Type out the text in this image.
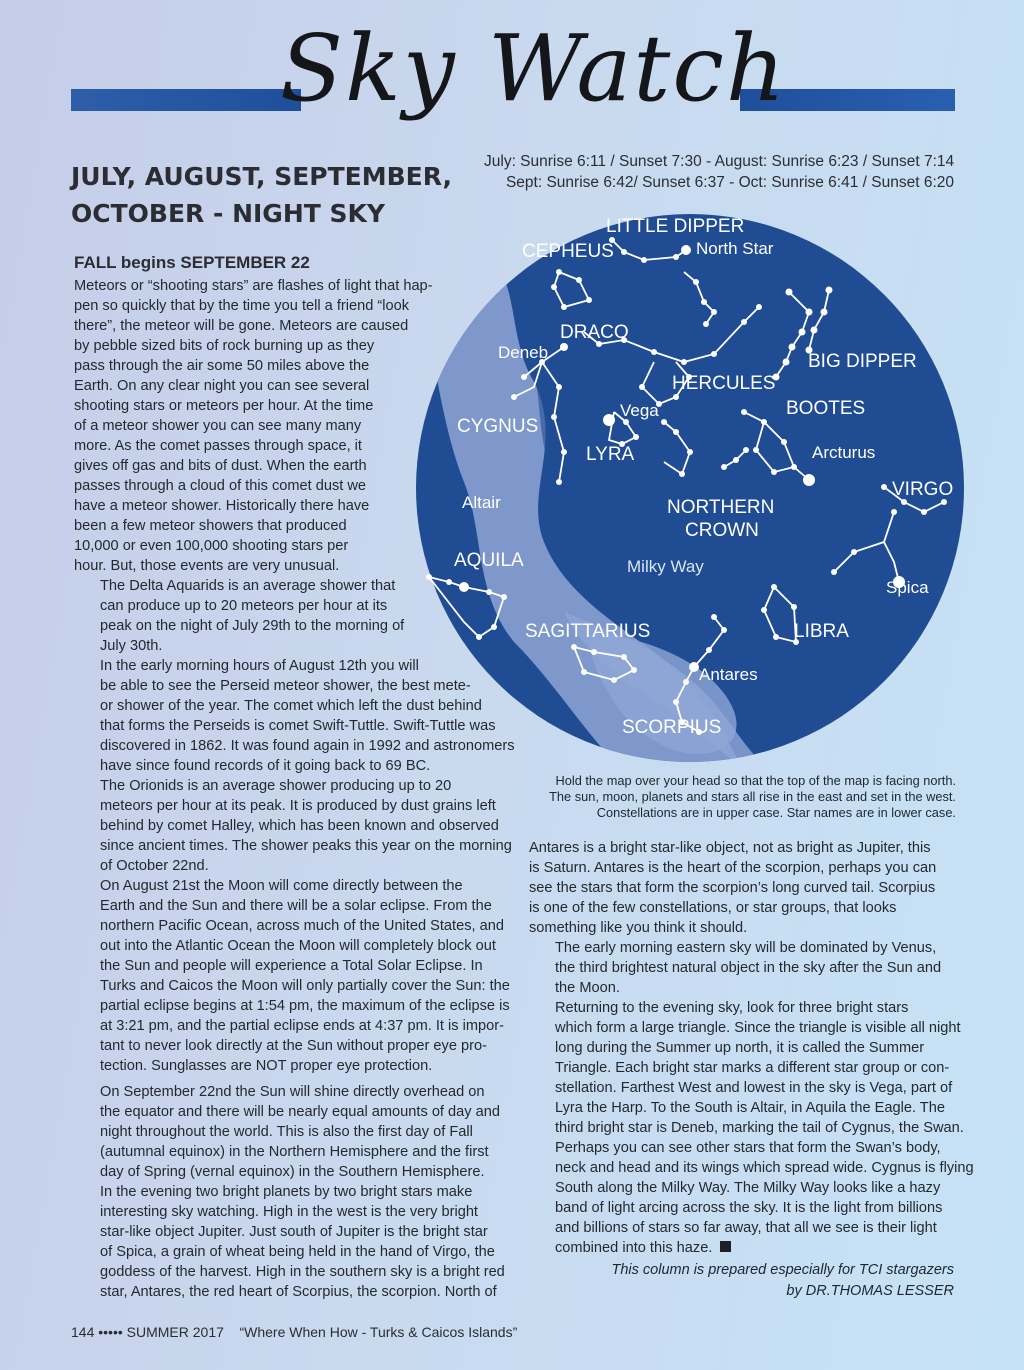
Sky Watch
JULY, AUGUST, SEPTEMBER,
OCTOBER - NIGHT SKY
July: Sunrise 6:11 / Sunset 7:30 - August: Sunrise 6:23 / Sunset 7:14
Sept: Sunrise 6:42/ Sunset 6:37 - Oct: Sunrise 6:41 / Sunset 6:20
FALL begins SEPTEMBER 22

Meteors or “shooting stars” are flashes of light that hap-
pen so quickly that by the time you tell a friend “look
there”, the meteor will be gone. Meteors are caused
by pebble sized bits of rock burning up as they
pass through the air some 50 miles above the
Earth. On any clear night you can see several
shooting stars or meteors per hour. At the time
of a meteor shower you can see many many
more. As the comet passes through space, it
gives off gas and bits of dust. When the earth
passes through a cloud of this comet dust we
have a meteor shower. Historically there have
been a few meteor showers that produced
10,000 or even 100,000 shooting stars per
hour. But, those events are very unusual.

The Delta Aquarids is an average shower that
can produce up to 20 meteors per hour at its
peak on the night of July 29th to the morning of
July 30th.

In the early morning hours of August 12th you will
be able to see the Perseid meteor shower, the best mete-
or shower of the year. The comet which left the dust behind
that forms the Perseids is comet Swift-Tuttle. Swift-Tuttle was
discovered in 1862. It was found again in 1992 and astronomers
have since found records of it going back to 69 BC.

The Orionids is an average shower producing up to 20
meteors per hour at its peak. It is produced by dust grains left
behind by comet Halley, which has been known and observed
since ancient times. The shower peaks this year on the morning
of October 22nd.

On August 21st the Moon will come directly between the
Earth and the Sun and there will be a solar eclipse. From the
northern Pacific Ocean, across much of the United States, and
out into the Atlantic Ocean the Moon will completely block out
the Sun and people will experience a Total Solar Eclipse. In
Turks and Caicos the Moon will only partially cover the Sun: the
partial eclipse begins at 1:54 pm, the maximum of the eclipse is
at 3:21 pm, and the partial eclipse ends at 4:37 pm. It is impor-
tant to never look directly at the Sun without proper eye pro-
tection. Sunglasses are NOT proper eye protection.

On September 22nd the Sun will shine directly overhead on
the equator and there will be nearly equal amounts of day and
night throughout the world. This is also the first day of Fall
(autumnal equinox) in the Northern Hemisphere and the first
day of Spring (vernal equinox) in the Southern Hemisphere.

In the evening two bright planets by two bright stars make
interesting sky watching. High in the west is the very bright
star-like object Jupiter. Just south of Jupiter is the bright star
of Spica, a grain of wheat being held in the hand of Virgo, the
goddess of the harvest. High in the southern sky is a bright red
star, Antares, the red heart of Scorpius, the scorpion. North of

LITTLE DIPPER
CEPHEUS	North Star
DRACO
Deneb	BIG DIPPER
HERCULES
BOOTES
Vega
CYGNUS
LYRA	Arcturus
VIRGO
Altair	NORTHERN
CROWN
AQUILA	Milky Way
Spica
SAGITTARIUS	LIBRA
Antares
SCORPIUS
Hold the map over your head so that the top of the map is facing north.
The sun, moon, planets and stars all rise in the east and set in the west.
Constellations are in upper case. Star names are in lower case.

Antares is a bright star-like object, not as bright as Jupiter, this
is Saturn. Antares is the heart of the scorpion, perhaps you can
see the stars that form the scorpion’s long curved tail. Scorpius
is one of the few constellations, or star groups, that looks
something like you think it should.

The early morning eastern sky will be dominated by Venus,
the third brightest natural object in the sky after the Sun and
the Moon.

Returning to the evening sky, look for three bright stars
which form a large triangle. Since the triangle is visible all night
long during the Summer up north, it is called the Summer
Triangle. Each bright star marks a different star group or con-
stellation. Farthest West and lowest in the sky is Vega, part of
Lyra the Harp. To the South is Altair, in Aquila the Eagle. The
third bright star is Deneb, marking the tail of Cygnus, the Swan.
Perhaps you can see other stars that form the Swan’s body,
neck and head and its wings which spread wide. Cygnus is flying
South along the Milky Way. The Milky Way looks like a hazy
band of light arcing across the sky. It is the light from billions
and billions of stars so far away, that all we see is their light
combined into this haze.

This column is prepared especially for TCI stargazers
by DR.THOMAS LESSER
144 ••••• SUMMER 2017 “Where When How - Turks & Caicos Islands”
